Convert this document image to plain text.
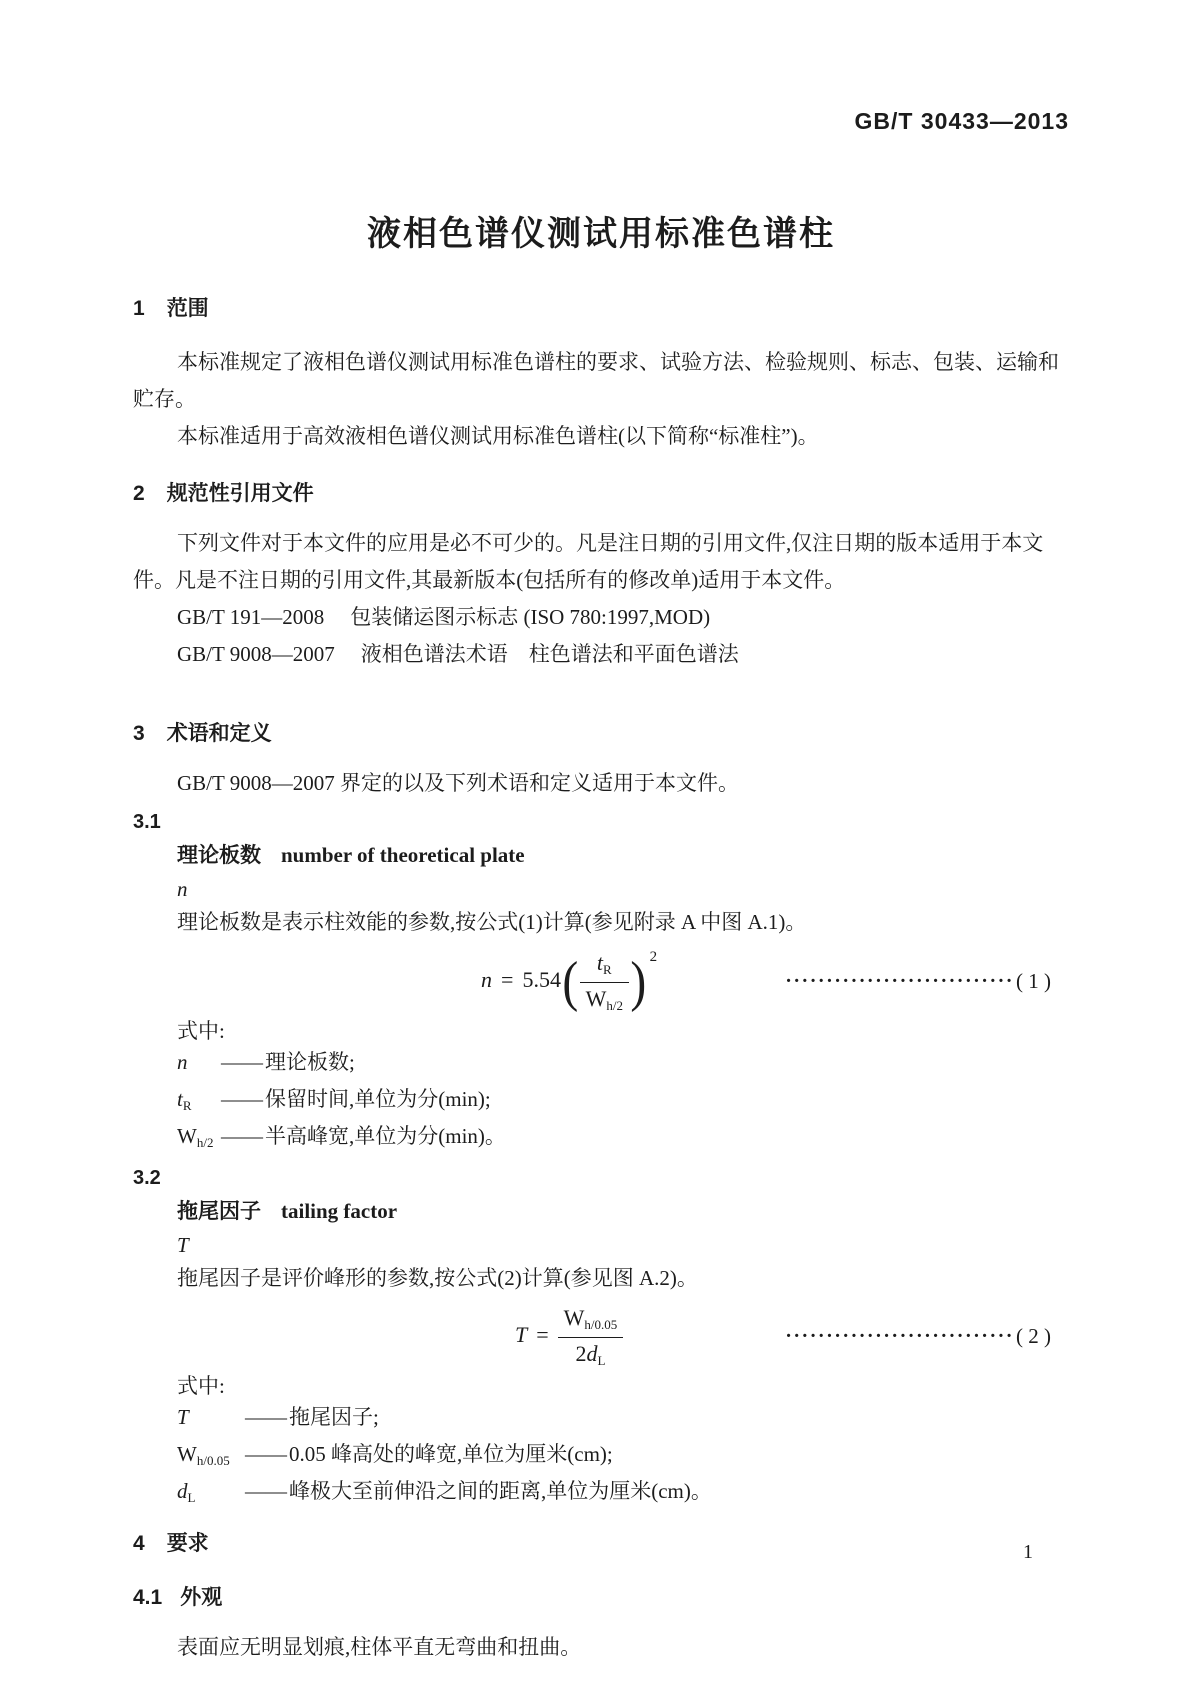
GB/T 30433—2013
液相色谱仪测试用标准色谱柱
1 范围

本标准规定了液相色谱仪测试用标准色谱柱的要求、试验方法、检验规则、标志、包装、运输和贮存。

本标准适用于高效液相色谱仪测试用标准色谱柱(以下简称“标准柱”)。

2 规范性引用文件

下列文件对于本文件的应用是必不可少的。凡是注日期的引用文件,仅注日期的版本适用于本文件。凡是不注日期的引用文件,其最新版本(包括所有的修改单)适用于本文件。

GB/T 191—2008 包装储运图示标志 (ISO 780:1997,MOD)

GB/T 9008—2007 液相色谱法术语　柱色谱法和平面色谱法

3 术语和定义

GB/T 9008—2007 界定的以及下列术语和定义适用于本文件。

3.1
理论板数 number of theoretical plate
n
理论板数是表示柱效能的参数,按公式(1)计算(参见附录 A 中图 A.1)。
$n = 5.54( \frac{t_R}{W_{h/2}}$ ) $^2$
···························· ( 1 )
式中:
n	—— 理论板数;
$t_R$	—— 保留时间,单位为分(min);
$W_{h/2}$ —— 半高峰宽,单位为分(min)。
3.2
拖尾因子 tailing factor
T
拖尾因子是评价峰形的参数,按公式(2)计算(参见图 A.2)。
$T = \frac{W_{h/0.05}}{2d_L}$	···························· ( 2 )
式中:
T	—— 拖尾因子;
$W_{h/0.05}$ —— 0.05 峰高处的峰宽,单位为厘米(cm);
$d_L$	—— 峰极大至前伸沿之间的距离,单位为厘米(cm)。
4 要求
4.1 外观

表面应无明显划痕,柱体平直无弯曲和扭曲。

1
